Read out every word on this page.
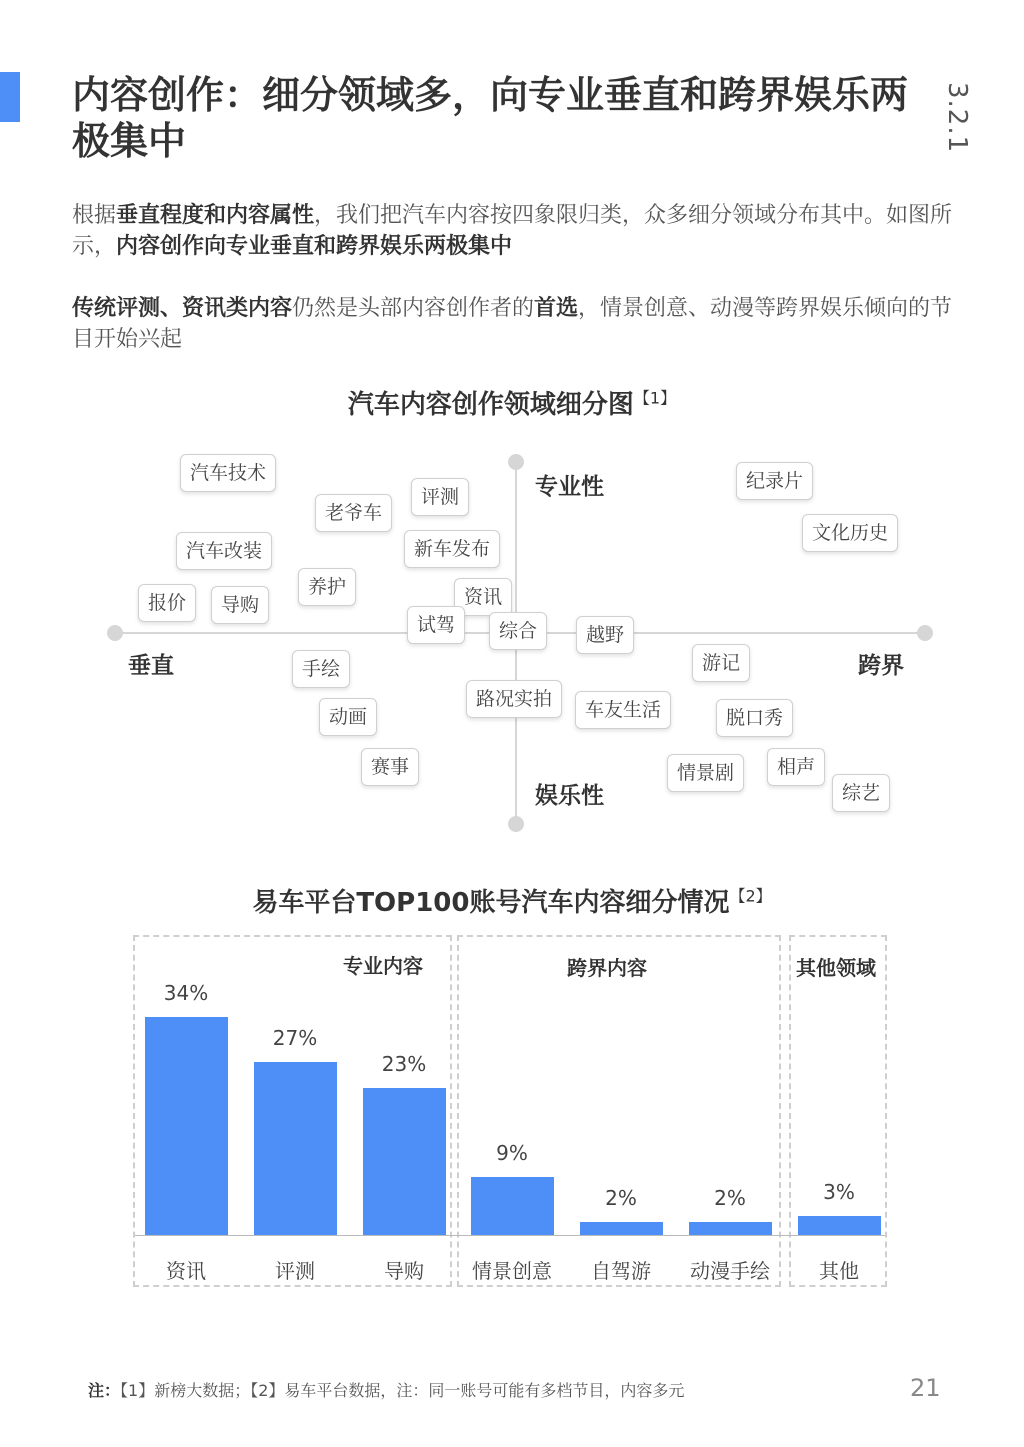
内容创作：细分领域多，向专业垂直和跨界娱乐两极集中	3.2.1

根据垂直程度和内容属性，我们把汽车内容按四象限归类，众多细分领域分布其中。如图所示，内容创作向专业垂直和跨界娱乐两极集中

传统评测、资讯类内容仍然是头部内容创作者的首选，情景创意、动漫等跨界娱乐倾向的节目开始兴起

汽车内容创作领域细分图$^{【1】}$
专业性
娱乐性
垂直	跨界
汽车技术
老爷车
评测
新车发布
汽车改装
养护
报价	导购	资讯
试驾	综合	越野
手绘
动画
赛事
路况实拍	车友生活
纪录片
文化历史
游记
脱口秀
情景剧	相声
综艺
易车平台TOP100账号汽车内容细分情况$^{【2】}$
专业内容	跨界内容	其他领域
34%
资讯
27%
评测
23%
导购
9%
情景创意
2%
自驾游
2%
动漫手绘
3%
其他

注：【1】新榜大数据；【2】易车平台数据，注：同一账号可能有多档节目，内容多元	21
